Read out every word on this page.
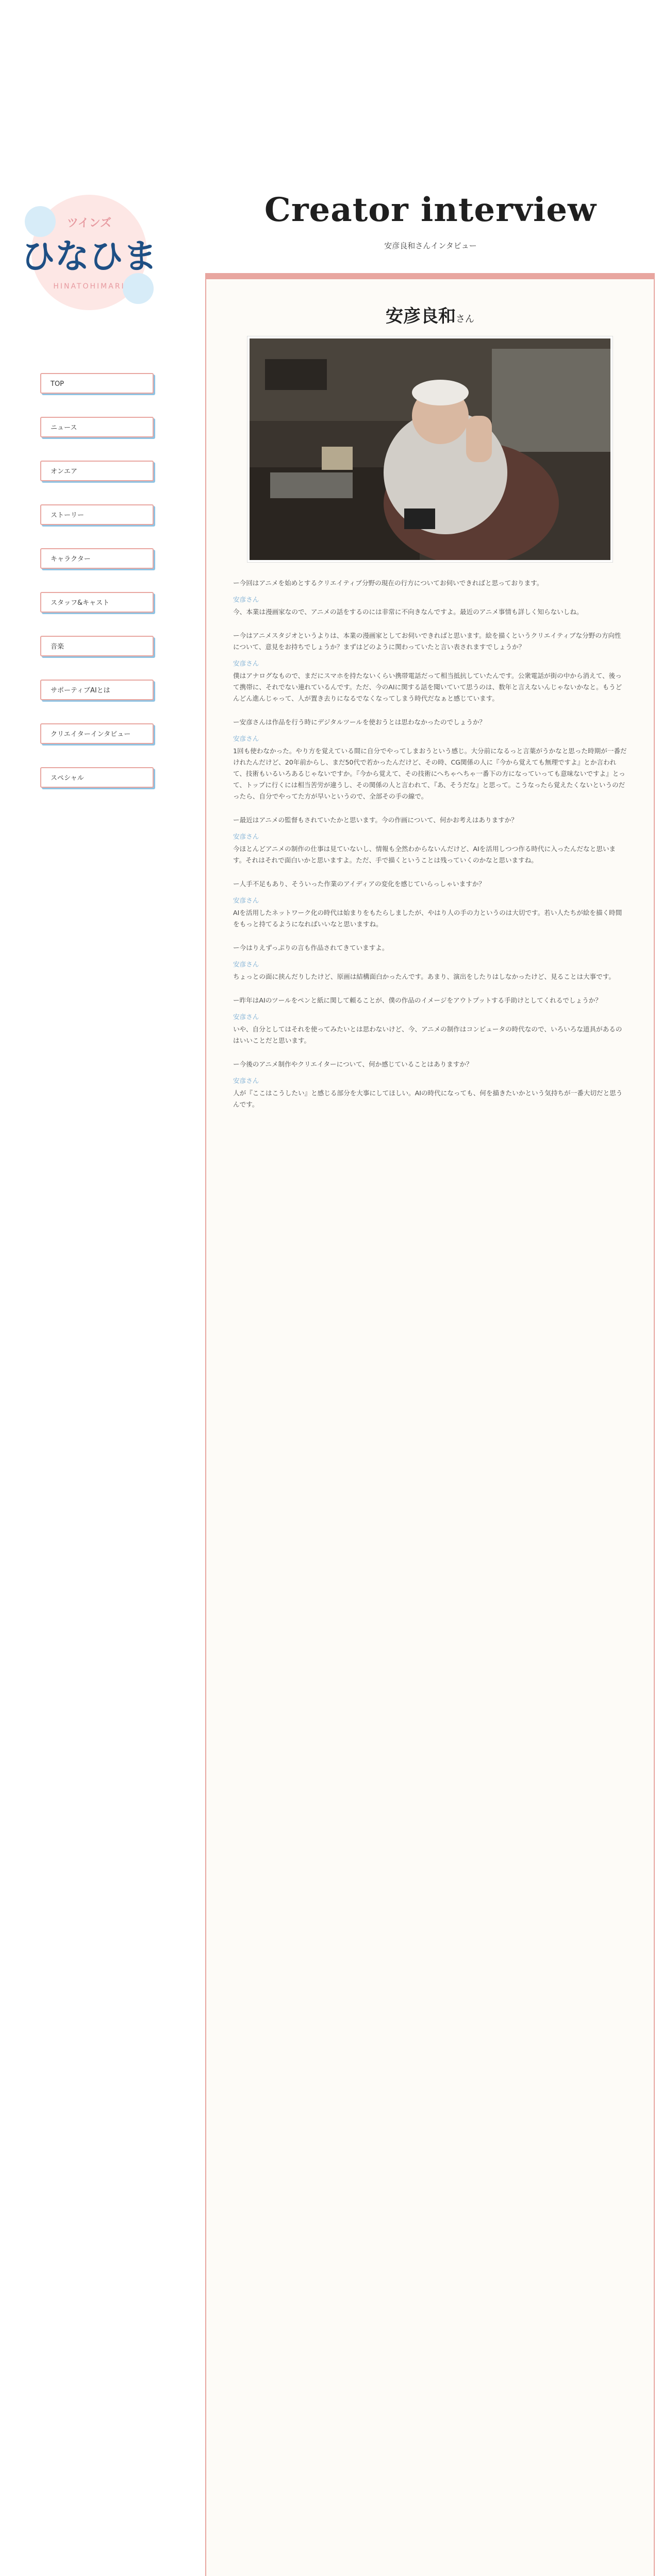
ツインズ
ひなひま
HINATOHIMARI
TOP
ニュース
オンエア
ストーリー
キャラクター
スタッフ&キャスト
音楽
サポーティブAIとは
クリエイターインタビュー
スペシャル
Creator interview
安彦良和さんインタビュー

安彦良和さん

ー今回はアニメを始めとするクリエイティブ分野の現在の行方についてお伺いできればと思っております。

安彦さん

今、本業は漫画家なので、アニメの話をするのには非常に不向きなんですよ。最近のアニメ事情も詳しく知らないしね。

ー今はアニメスタジオというよりは、本業の漫画家としてお伺いできればと思います。絵を描くというクリエイティブな分野の方向性について、意見をお持ちでしょうか？まずはどのように関わっていたと言い表されますでしょうか？

安彦さん

僕はアナログなもので、まだにスマホを持たないくらい携帯電話だって相当抵抗していたんです。公衆電話が街の中から消えて、後って携帯に、それでない連れているんです。ただ、今のAIに関する話を聞いていて思うのは、数年と言えないんじゃないかなと。もうどんどん進んじゃって、人が置き去りになるでなくなってしまう時代だなぁと感じています。

ー安彦さんは作品を行う時にデジタルツールを使おうとは思わなかったのでしょうか？

安彦さん

1回も使わなかった。やり方を覚えている間に自分でやってしまおうという感じ。大分前になるっと言葉がうかなと思った時期が一番だけれたんだけど、20年前からし、まだ50代で若かったんだけど、その時、CG関係の人に『今から覚えても無理ですよ』とか言われて、技術もいるいろあるじゃないですか。『今から覚えて、その技術にへちゃへちゃ一番下の方になっていっても意味ないですよ』とって、トップに行くには相当苦労が違うし、その関係の人と言われて、『あ、そうだな』と思って。こうなったら覚えたくないというのだったら、自分でやってた方が早いというので、全部その手の線で。

ー最近はアニメの監督もされていたかと思います。今の作画について、何かお考えはありますか？

安彦さん

今ほとんどアニメの制作の仕事は見ていないし、情報も全然わからないんだけど、AIを活用しつつ作る時代に入ったんだなと思います。それはそれで面白いかと思いますよ。ただ、手で描くということは残っていくのかなと思いますね。

ー人手不足もあり、そういった作業のアイディアの変化を感じていらっしゃいますか？

安彦さん

AIを活用したネットワーク化の時代は始まりをもたらしましたが、やはり人の手の力というのは大切です。若い人たちが絵を描く時間をもっと持てるようになればいいなと思いますね。

ー今はりえずっぷりの言も作品されてきていますよ。

安彦さん

ちょっとの面に挟んだりしたけど、原画は結構面白かったんです。あまり、演出をしたりはしなかったけど、見ることは大事です。

ー昨年はAIのツールをペンと紙に関して頼ることが、僕の作品のイメージをアウトプットする手助けとしてくれるでしょうか？

安彦さん

いや、自分としてはそれを使ってみたいとは思わないけど、今、アニメの制作はコンピュータの時代なので、いろいろな道具があるのはいいことだと思います。

ー今後のアニメ制作やクリエイターについて、何か感じていることはありますか？

安彦さん

人が『ここはこうしたい』と感じる部分を大事にしてほしい。AIの時代になっても、何を描きたいかという気持ちが一番大切だと思うんです。
